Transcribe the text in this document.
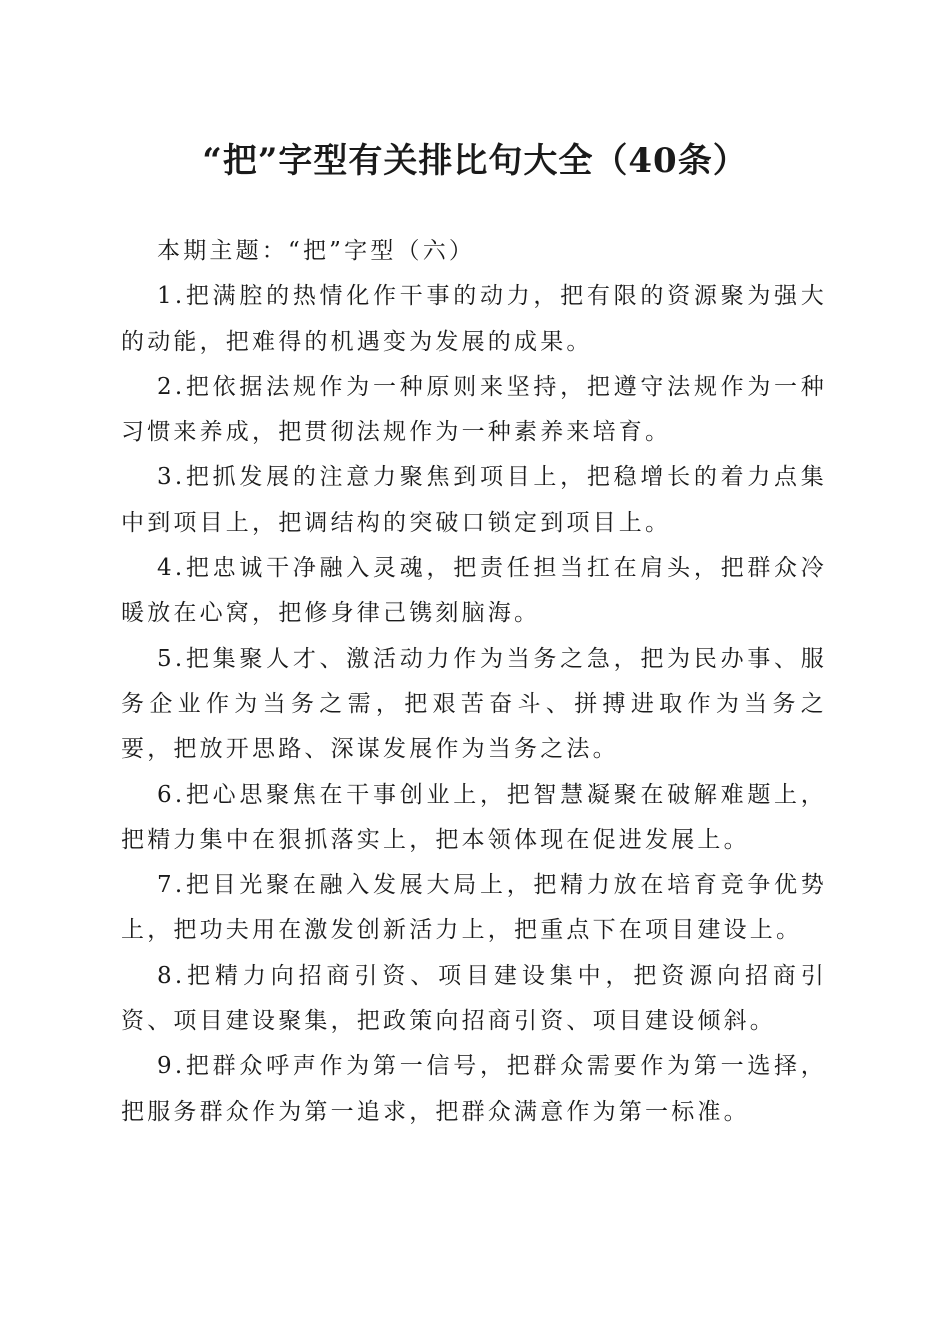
“把”字型有关排比句大全（40条）

本期主题：“把”字型（六）

1.把满腔的热情化作干事的动力，把有限的资源聚为强大的动能，把难得的机遇变为发展的成果。

2.把依据法规作为一种原则来坚持，把遵守法规作为一种习惯来养成，把贯彻法规作为一种素养来培育。

3.把抓发展的注意力聚焦到项目上，把稳增长的着力点集中到项目上，把调结构的突破口锁定到项目上。

4.把忠诚干净融入灵魂，把责任担当扛在肩头，把群众冷暖放在心窝，把修身律己镌刻脑海。

5.把集聚人才、激活动力作为当务之急，把为民办事、服务企业作为当务之需，把艰苦奋斗、拼搏进取作为当务之要，把放开思路、深谋发展作为当务之法。

6.把心思聚焦在干事创业上，把智慧凝聚在破解难题上，把精力集中在狠抓落实上，把本领体现在促进发展上。

7.把目光聚在融入发展大局上，把精力放在培育竞争优势上，把功夫用在激发创新活力上，把重点下在项目建设上。

8.把精力向招商引资、项目建设集中，把资源向招商引资、项目建设聚集，把政策向招商引资、项目建设倾斜。

9.把群众呼声作为第一信号，把群众需要作为第一选择，把服务群众作为第一追求，把群众满意作为第一标准。
